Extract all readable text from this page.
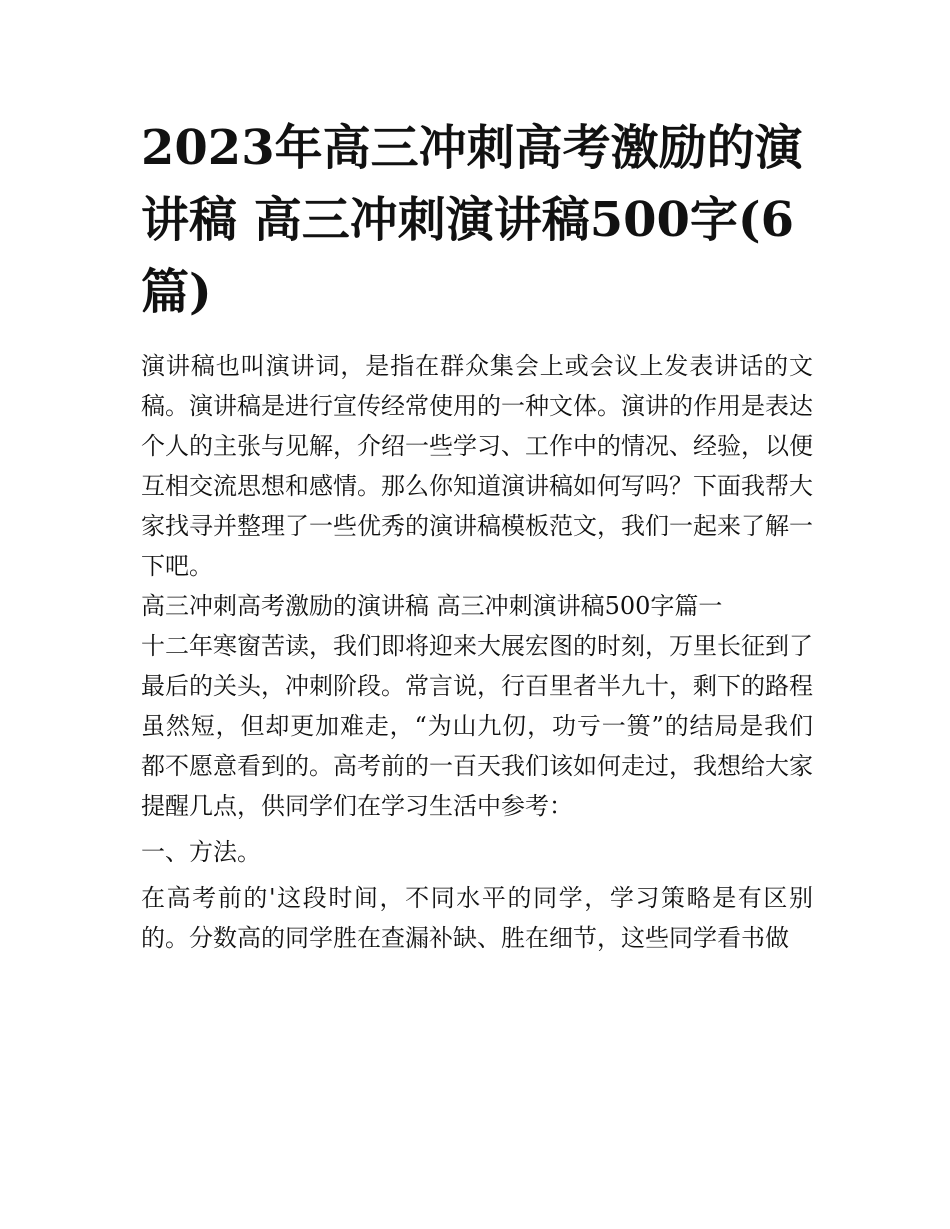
2023年高三冲刺高考激励的演讲稿 高三冲刺演讲稿500字(6篇)

演讲稿也叫演讲词，是指在群众集会上或会议上发表讲话的文稿。演讲稿是进行宣传经常使用的一种文体。演讲的作用是表达个人的主张与见解，介绍一些学习、工作中的情况、经验，以便互相交流思想和感情。那么你知道演讲稿如何写吗？下面我帮大家找寻并整理了一些优秀的演讲稿模板范文，我们一起来了解一下吧。

高三冲刺高考激励的演讲稿 高三冲刺演讲稿500字篇一

十二年寒窗苦读，我们即将迎来大展宏图的时刻，万里长征到了最后的关头，冲刺阶段。常言说，行百里者半九十，剩下的路程虽然短，但却更加难走，“为山九仞，功亏一篑”的结局是我们都不愿意看到的。高考前的一百天我们该如何走过，我想给大家提醒几点，供同学们在学习生活中参考：

一、方法。

在高考前的'这段时间，不同水平的同学，学习策略是有区别的。分数高的同学胜在查漏补缺、胜在细节，这些同学看书做
